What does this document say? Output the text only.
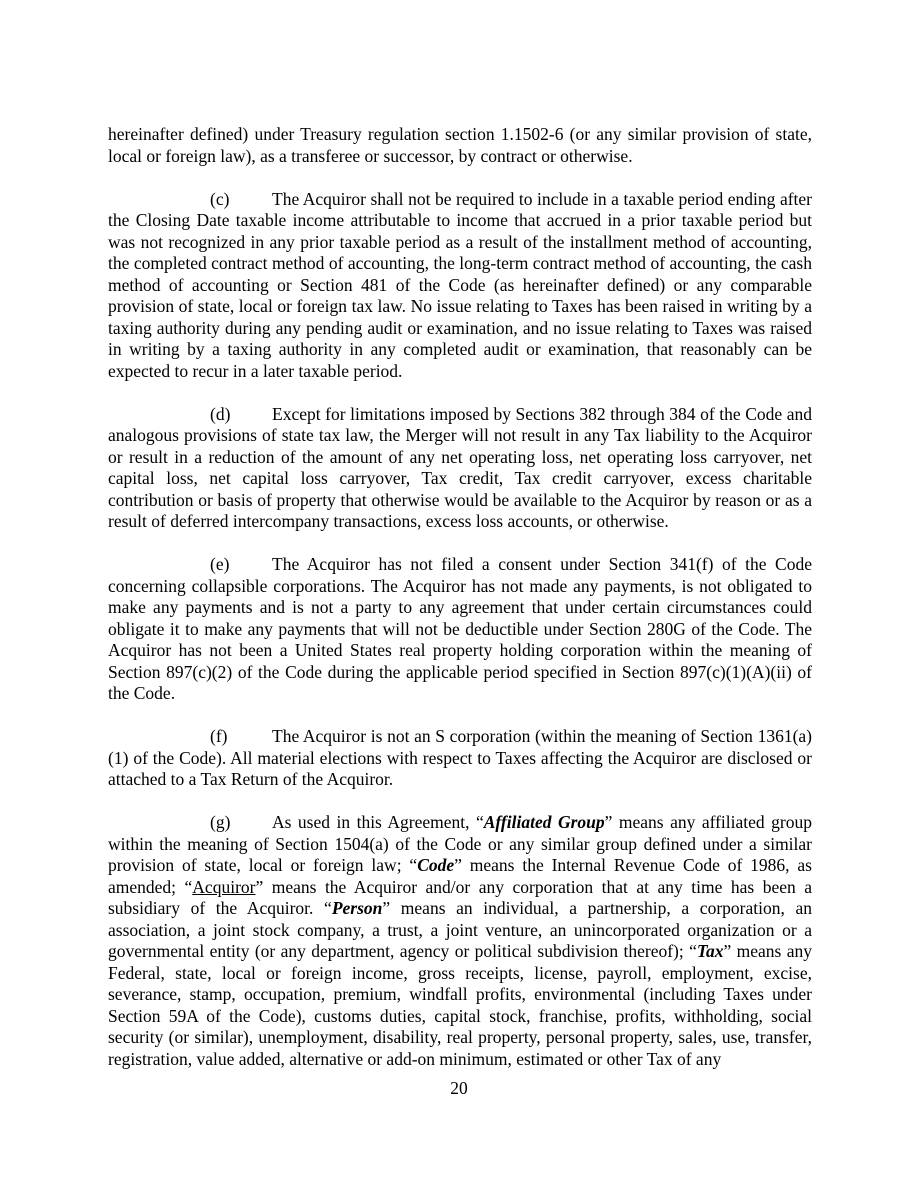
hereinafter defined) under Treasury regulation section 1.1502-6 (or any similar provision of state, local or foreign law), as a transferee or successor, by contract or otherwise.

(c) The Acquiror shall not be required to include in a taxable period ending after the Closing Date taxable income attributable to income that accrued in a prior taxable period but was not recognized in any prior taxable period as a result of the installment method of accounting, the completed contract method of accounting, the long-term contract method of accounting, the cash method of accounting or Section 481 of the Code (as hereinafter defined) or any comparable provision of state, local or foreign tax law. No issue relating to Taxes has been raised in writing by a taxing authority during any pending audit or examination, and no issue relating to Taxes was raised in writing by a taxing authority in any completed audit or examination, that reasonably can be expected to recur in a later taxable period.

(d) Except for limitations imposed by Sections 382 through 384 of the Code and analogous provisions of state tax law, the Merger will not result in any Tax liability to the Acquiror or result in a reduction of the amount of any net operating loss, net operating loss carryover, net capital loss, net capital loss carryover, Tax credit, Tax credit carryover, excess charitable contribution or basis of property that otherwise would be available to the Acquiror by reason or as a result of deferred intercompany transactions, excess loss accounts, or otherwise.

(e) The Acquiror has not filed a consent under Section 341(f) of the Code concerning collapsible corporations. The Acquiror has not made any payments, is not obligated to make any payments and is not a party to any agreement that under certain circumstances could obligate it to make any payments that will not be deductible under Section 280G of the Code. The Acquiror has not been a United States real property holding corporation within the meaning of Section 897(c)(2) of the Code during the applicable period specified in Section 897(c)(1)(A)(ii) of the Code.

(f)	The Acquiror is not an S corporation (within the meaning of Section 1361(a)(1) of the Code). All material elections with respect to Taxes affecting the Acquiror are disclosed or attached to a Tax Return of the Acquiror.

(g) As used in this Agreement, “Affiliated Group” means any affiliated group within the meaning of Section 1504(a) of the Code or any similar group defined under a similar provision of state, local or foreign law; “Code” means the Internal Revenue Code of 1986, as amended; “Acquiror” means the Acquiror and/or any corporation that at any time has been a subsidiary of the Acquiror. “Person” means an individual, a partnership, a corporation, an association, a joint stock company, a trust, a joint venture, an unincorporated organization or a governmental entity (or any department, agency or political subdivision thereof); “Tax” means any Federal, state, local or foreign income, gross receipts, license, payroll, employment, excise, severance, stamp, occupation, premium, windfall profits, environmental (including Taxes under Section 59A of the Code), customs duties, capital stock, franchise, profits, withholding, social security (or similar), unemployment, disability, real property, personal property, sales, use, transfer, registration, value added, alternative or add-on minimum, estimated or other Tax of any

20
